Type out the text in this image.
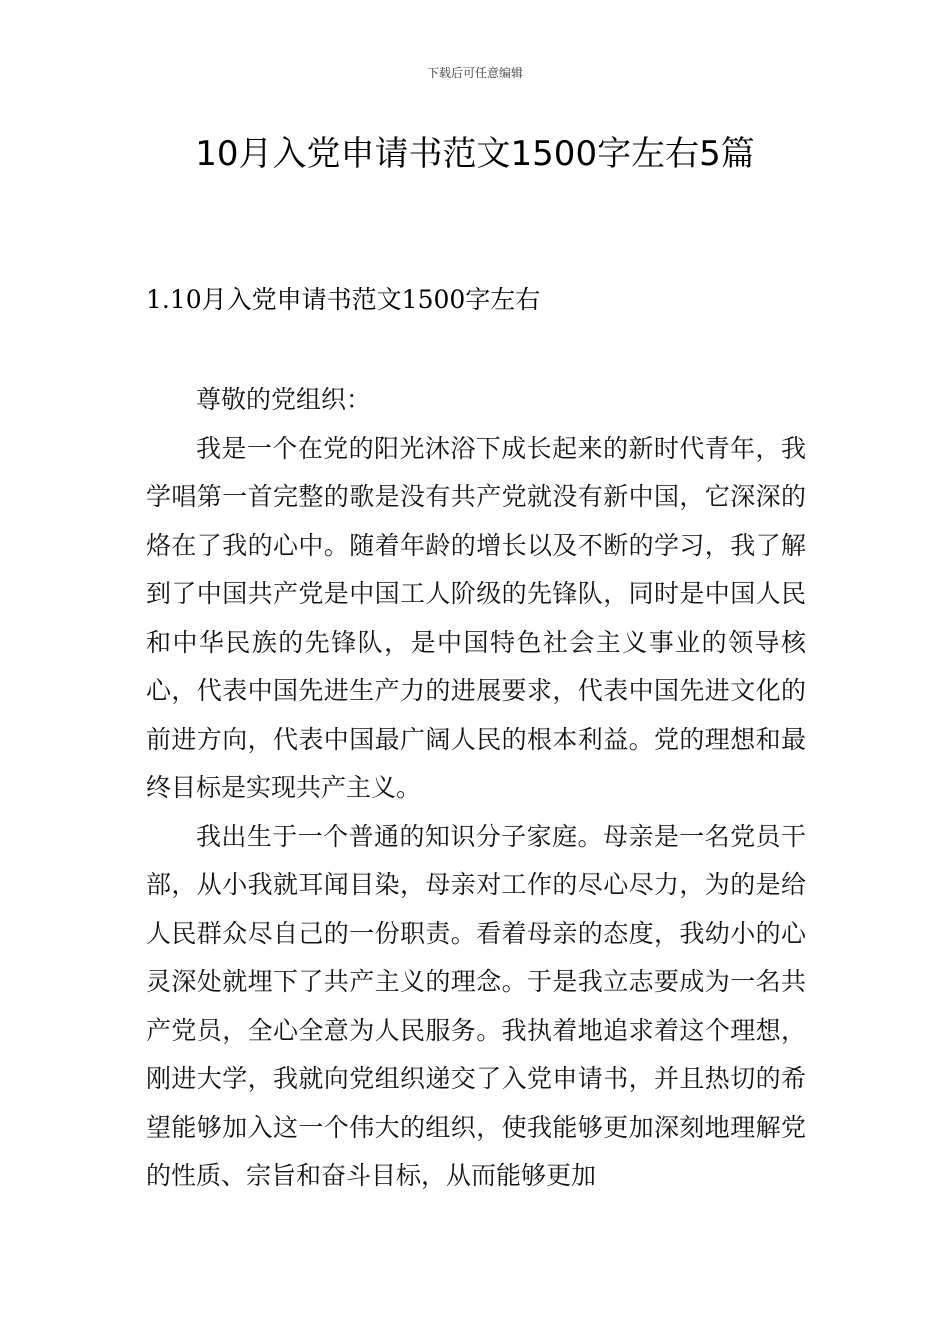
下载后可任意编辑
10月入党申请书范文1500字左右5篇
1.10月入党申请书范文1500字左右

尊敬的党组织：

我是一个在党的阳光沐浴下成长起来的新时代青年，我学唱第一首完整的歌是没有共产党就没有新中国，它深深的烙在了我的心中。随着年龄的增长以及不断的学习，我了解到了中国共产党是中国工人阶级的先锋队，同时是中国人民和中华民族的先锋队，是中国特色社会主义事业的领导核心，代表中国先进生产力的进展要求，代表中国先进文化的前进方向，代表中国最广阔人民的根本利益。党的理想和最终目标是实现共产主义。

我出生于一个普通的知识分子家庭。母亲是一名党员干部，从小我就耳闻目染，母亲对工作的尽心尽力，为的是给人民群众尽自己的一份职责。看着母亲的态度，我幼小的心灵深处就埋下了共产主义的理念。于是我立志要成为一名共产党员，全心全意为人民服务。我执着地追求着这个理想，刚进大学，我就向党组织递交了入党申请书，并且热切的希望能够加入这一个伟大的组织，使我能够更加深刻地理解党的性质、宗旨和奋斗目标，从而能够更加
